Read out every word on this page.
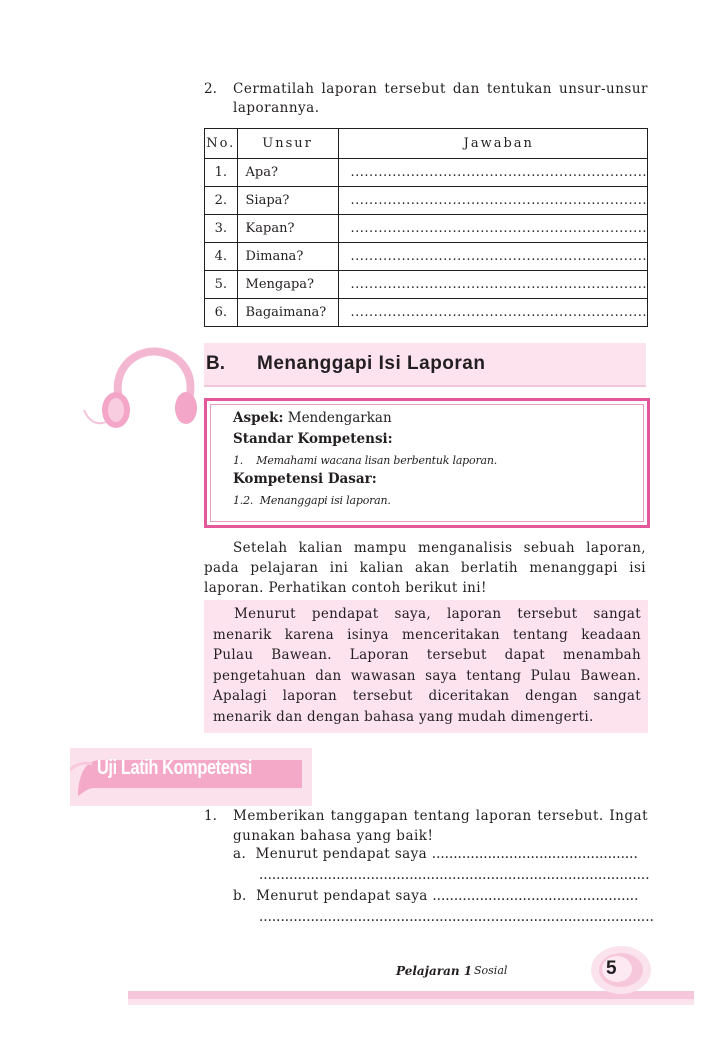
2.	Cermatilah laporan tersebut dan tentukan unsur-unsur laporannya.
No.	Unsur	Jawaban
1.	Apa?	................................................................
2.	Siapa?	................................................................
3.	Kapan?	................................................................
4.	Dimana?	................................................................
5.	Mengapa?	................................................................
6.	Bagaimana?	................................................................
B. Menanggapi Isi Laporan
Aspek: Mendengarkan
Standar Kompetensi:
1. Memahami wacana lisan berbentuk laporan.
Kompetensi Dasar:
1.2. Menanggapi isi laporan.

Setelah kalian mampu menganalisis sebuah laporan, pada pelajaran ini kalian akan berlatih menanggapi isi laporan. Perhatikan contoh berikut ini!

Menurut pendapat saya, laporan tersebut sangat menarik karena isinya menceritakan tentang keadaan Pulau Bawean. Laporan tersebut dapat menambah pengetahuan dan wawasan saya tentang Pulau Bawean. Apalagi laporan tersebut diceritakan dengan sangat menarik dan dengan bahasa yang mudah dimengerti.

Uji Latih Kompetensi
1.	Memberikan tanggapan tentang laporan tersebut. Ingat gunakan bahasa yang baik!
a. Menurut pendapat saya ................................................
...........................................................................................
b. Menurut pendapat saya ................................................
............................................................................................
Pelajaran 1 Sosial	5
